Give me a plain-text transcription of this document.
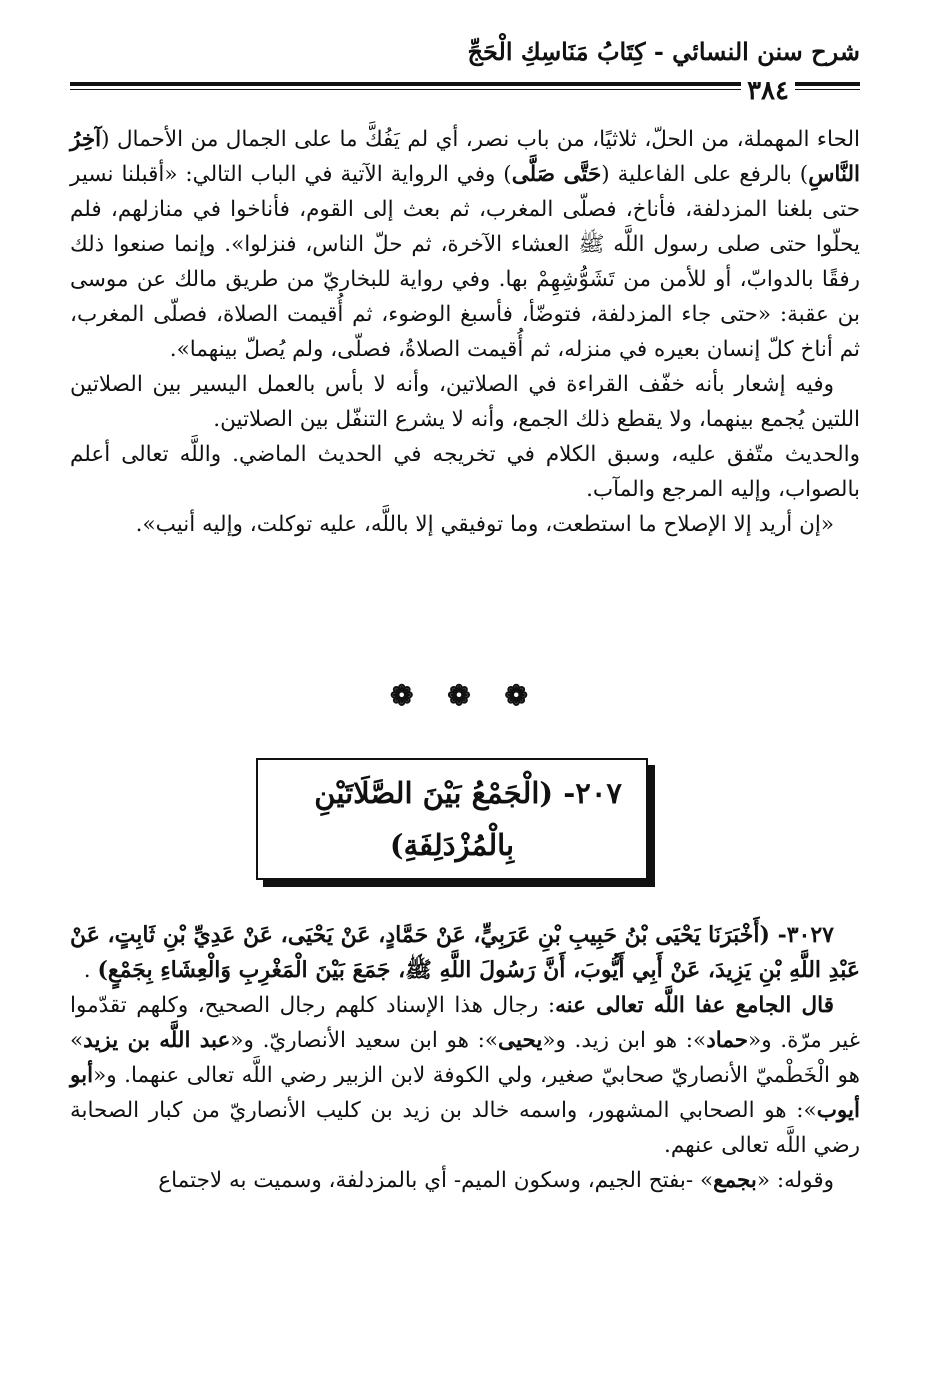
شرح سنن النسائي - كِتَابُ مَنَاسِكِ الْحَجِّ
٣٨٤

الحاء المهملة، من الحلّ، ثلاثيًا، من باب نصر، أي لم يَفُكَّ ما على الجمال من الأحمال (آخِرُ النَّاسِ) بالرفع على الفاعلية (حَتَّى صَلَّى) وفي الرواية الآتية في الباب التالي: «أقبلنا نسير حتى بلغنا المزدلفة، فأناخ، فصلّى المغرب، ثم بعث إلى القوم، فأناخوا في منازلهم، فلم يحلّوا حتى صلى رسول اللَّه ﷺ العشاء الآخرة، ثم حلّ الناس، فنزلوا». وإنما صنعوا ذلك رفقًا بالدوابّ، أو للأمن من تَشَوُّشِهِمْ بها. وفي رواية للبخاريّ من طريق مالك عن موسى بن عقبة: «حتى جاء المزدلفة، فتوضّأ، فأسبغ الوضوء، ثم أُقيمت الصلاة، فصلّى المغرب، ثم أناخ كلّ إنسان بعيره في منزله، ثم أُقيمت الصلاةُ، فصلّى، ولم يُصلّ بينهما».

وفيه إشعار بأنه خفّف القراءة في الصلاتين، وأنه لا بأس بالعمل اليسير بين الصلاتين اللتين يُجمع بينهما، ولا يقطع ذلك الجمع، وأنه لا يشرع التنفّل بين الصلاتين.

والحديث متّفق عليه، وسبق الكلام في تخريجه في الحديث الماضي. واللَّه تعالى أعلم بالصواب، وإليه المرجع والمآب.

«إن أريد إلا الإصلاح ما استطعت، وما توفيقي إلا باللَّه، عليه توكلت، وإليه أنيب».

❁ ❁ ❁
٢٠٧- (الْجَمْعُ بَيْنَ الصَّلَاتَيْنِ
بِالْمُزْدَلِفَةِ)

٣٠٢٧- (أَخْبَرَنَا يَحْيَى بْنُ حَبِيبِ بْنِ عَرَبِيٍّ، عَنْ حَمَّادٍ، عَنْ يَحْيَى، عَنْ عَدِيِّ بْنِ ثَابِتٍ، عَنْ عَبْدِ اللَّهِ بْنِ يَزِيدَ، عَنْ أَبِي أَيُّوبَ، أَنَّ رَسُولَ اللَّهِ ﷺ، جَمَعَ بَيْنَ الْمَغْرِبِ وَالْعِشَاءِ بِجَمْعٍ) .

قال الجامع عفا اللَّه تعالى عنه: رجال هذا الإسناد كلهم رجال الصحيح، وكلهم تقدّموا غير مرّة. و«حماد»: هو ابن زيد. و«يحيى»: هو ابن سعيد الأنصاريّ. و«عبد اللَّه بن يزيد» هو الْخَطْميّ الأنصاريّ صحابيّ صغير، ولي الكوفة لابن الزبير رضي اللَّه تعالى عنهما. و«أبو أيوب»: هو الصحابي المشهور، واسمه خالد بن زيد بن كليب الأنصاريّ من كبار الصحابة رضي اللَّه تعالى عنهم.

وقوله: «بجمع» -بفتح الجيم، وسكون الميم- أي بالمزدلفة، وسميت به لاجتماع
